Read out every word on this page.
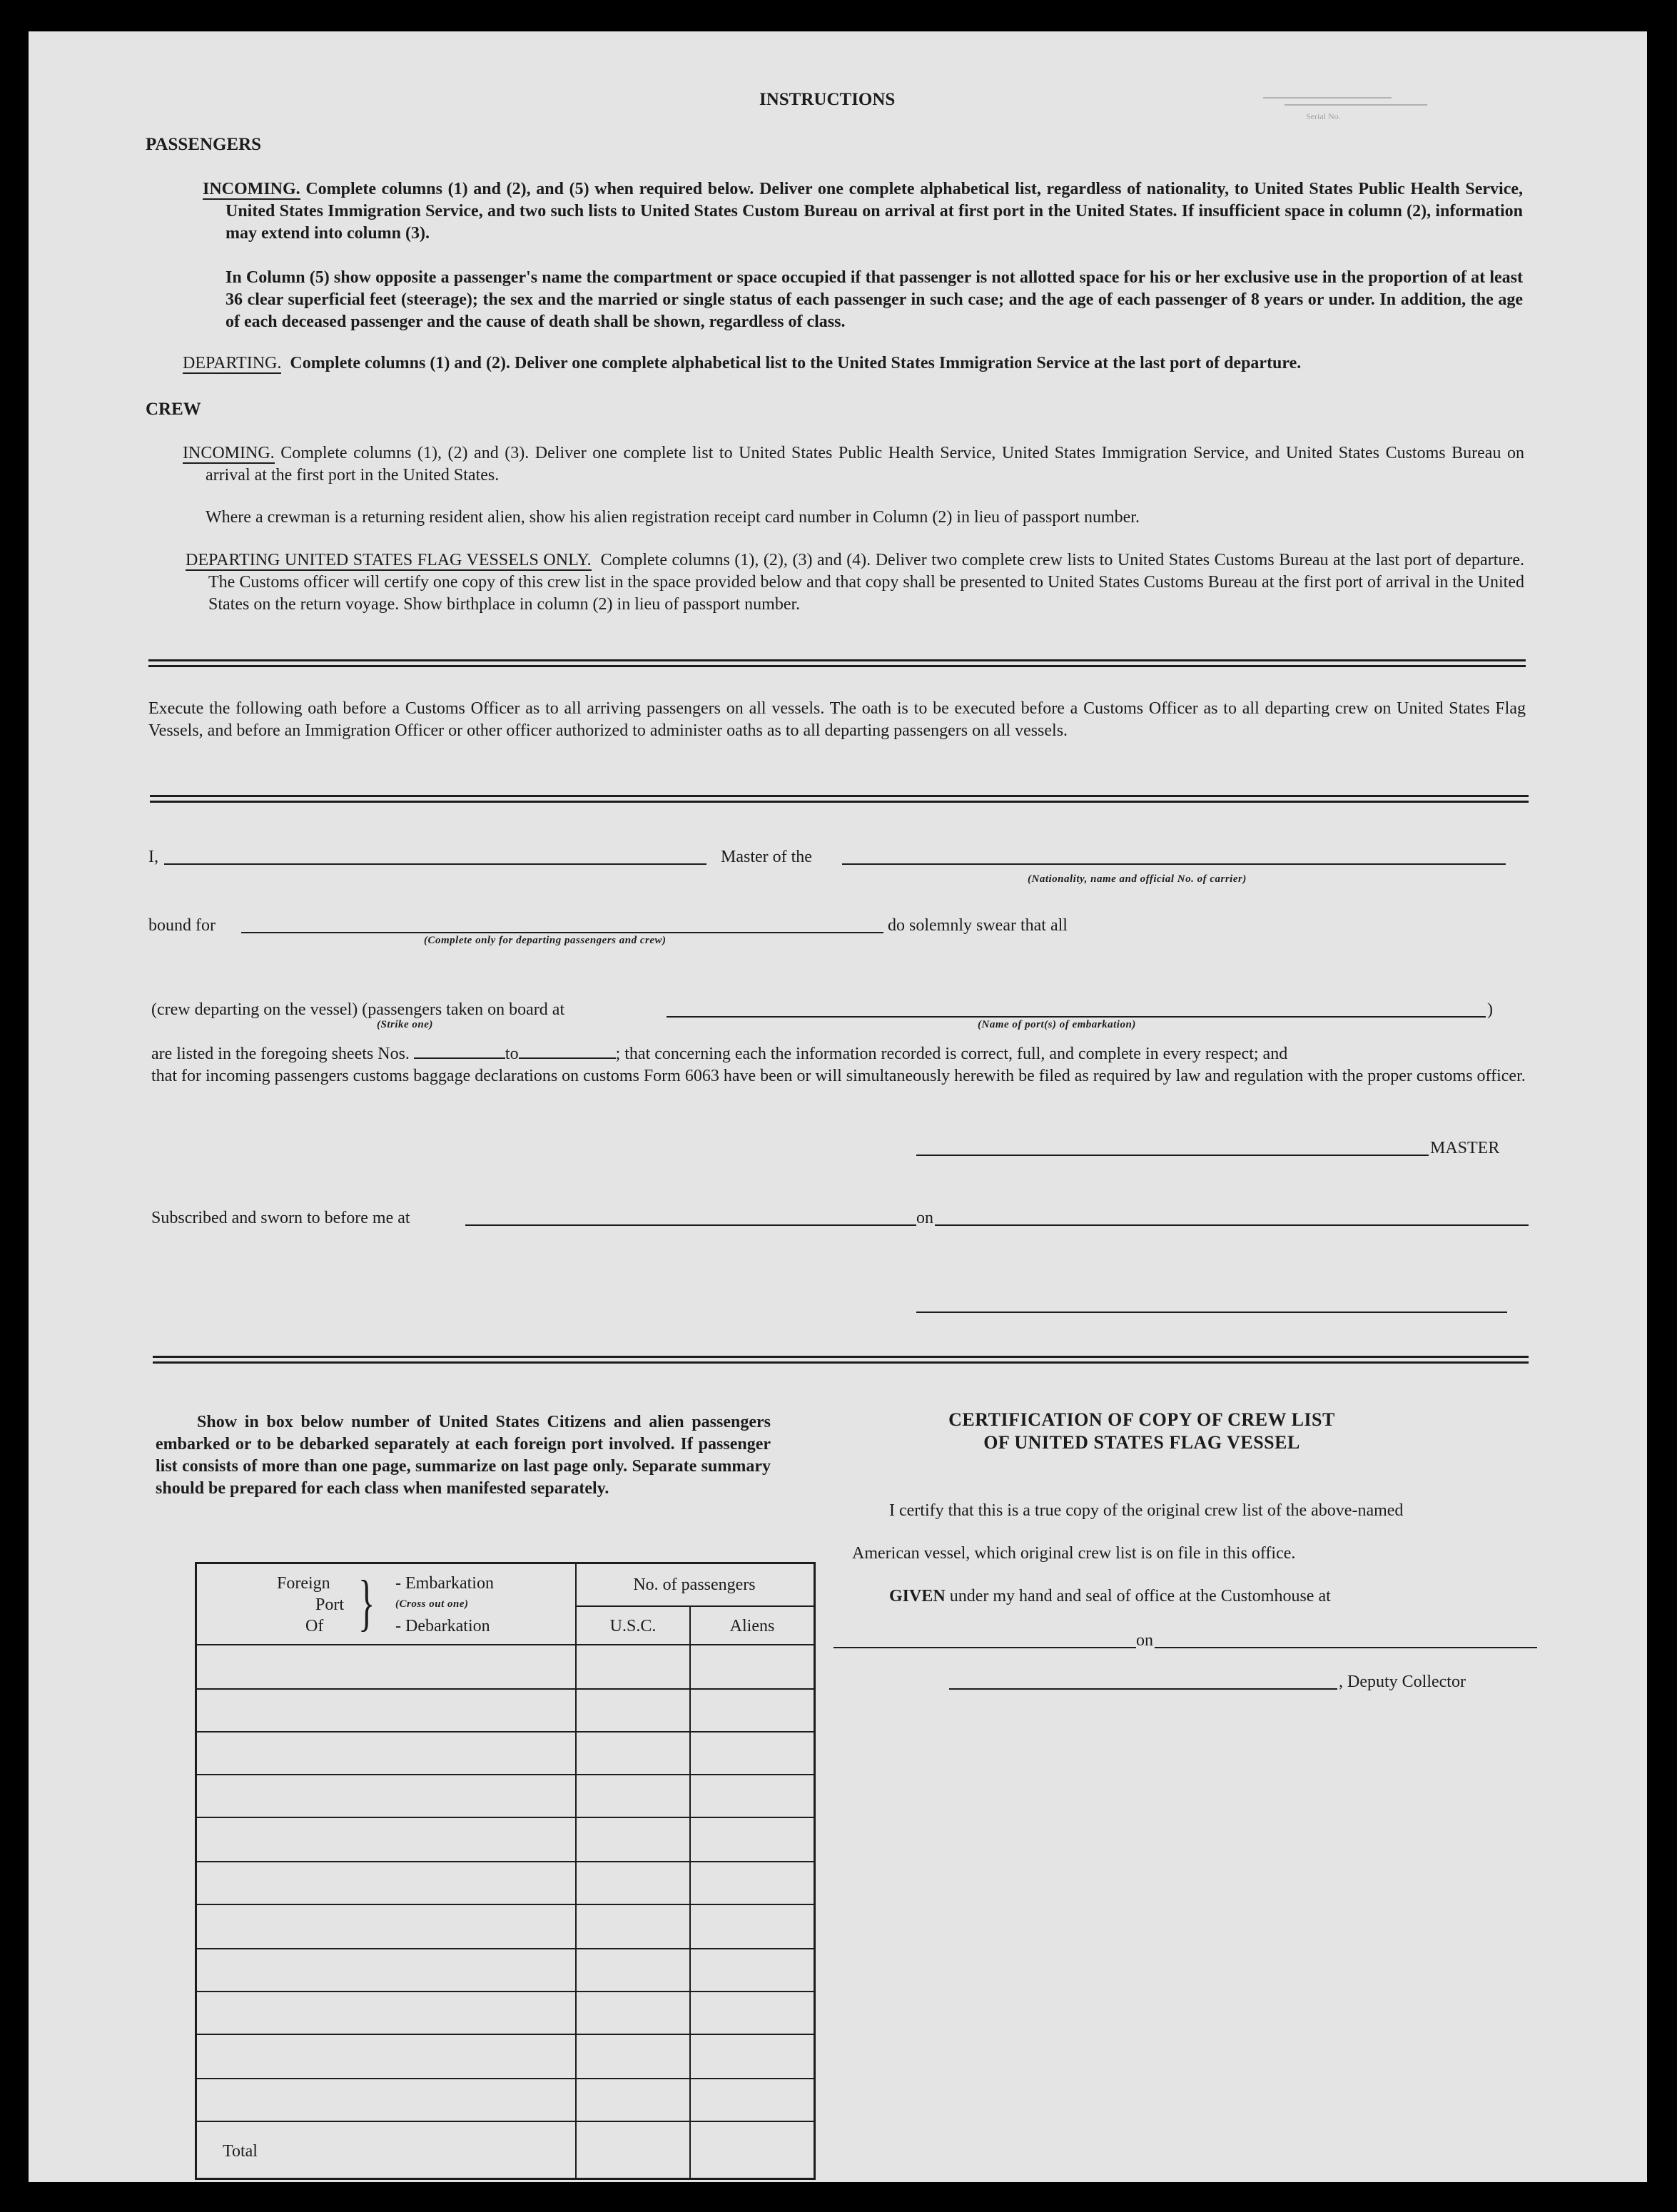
INSTRUCTIONS
Serial No.
PASSENGERS
INCOMING. Complete columns (1) and (2), and (5) when required below. Deliver one complete alphabetical list, regardless of nationality, to United States Public Health Service, United States Immigration Service, and two such lists to United States Custom Bureau on arrival at first port in the United States. If insufficient space in column (2), information may extend into column (3).
In Column (5) show opposite a passenger's name the compartment or space occupied if that passenger is not allotted space for his or her exclusive use in the proportion of at least 36 clear superficial feet (steerage); the sex and the married or single status of each passenger in such case; and the age of each passenger of 8 years or under. In addition, the age of each deceased passenger and the cause of death shall be shown, regardless of class.
DEPARTING. Complete columns (1) and (2). Deliver one complete alphabetical list to the United States Immigration Service at the last port of departure.
CREW
INCOMING. Complete columns (1), (2) and (3). Deliver one complete list to United States Public Health Service, United States Immigration Service, and United States Customs Bureau on arrival at the first port in the United States.
Where a crewman is a returning resident alien, show his alien registration receipt card number in Column (2) in lieu of passport number.
DEPARTING UNITED STATES FLAG VESSELS ONLY. Complete columns (1), (2), (3) and (4). Deliver two complete crew lists to United States Customs Bureau at the last port of departure. The Customs officer will certify one copy of this crew list in the space provided below and that copy shall be presented to United States Customs Bureau at the first port of arrival in the United States on the return voyage. Show birthplace in column (2) in lieu of passport number.
Execute the following oath before a Customs Officer as to all arriving passengers on all vessels. The oath is to be executed before a Customs Officer as to all departing crew on United States Flag Vessels, and before an Immigration Officer or other officer authorized to administer oaths as to all departing passengers on all vessels.
I,	Master of the
(Nationality, name and official No. of carrier)
bound for
(Complete only for departing passengers and crew)
do solemnly swear that all
(crew departing on the vessel) (passengers taken on board at	)
(Strike one)	(Name of port(s) of embarkation)
are listed in the foregoing sheets Nos.	to	; that concerning each the information recorded is correct, full, and complete in every respect; and
that for incoming passengers customs baggage declarations on customs Form 6063 have been or will simultaneously herewith be filed as required by law and regulation with the proper customs officer.
MASTER
Subscribed and sworn to before me at	on
Show in box below number of United States Citizens and alien passengers embarked or to be debarked separately at each foreign port involved. If passenger list consists of more than one page, summarize on last page only. Separate summary should be prepared for each class when manifested separately.
Foreign
Port
Of } - Embarkation
(Cross out one)
- Debarkation
No. of passengers
U.S.C.	Aliens
Total
CERTIFICATION OF COPY OF CREW LIST
OF UNITED STATES FLAG VESSEL
I certify that this is a true copy of the original crew list of the above-named
American vessel, which original crew list is on file in this office.
GIVEN under my hand and seal of office at the Customhouse at
on
, Deputy Collector
